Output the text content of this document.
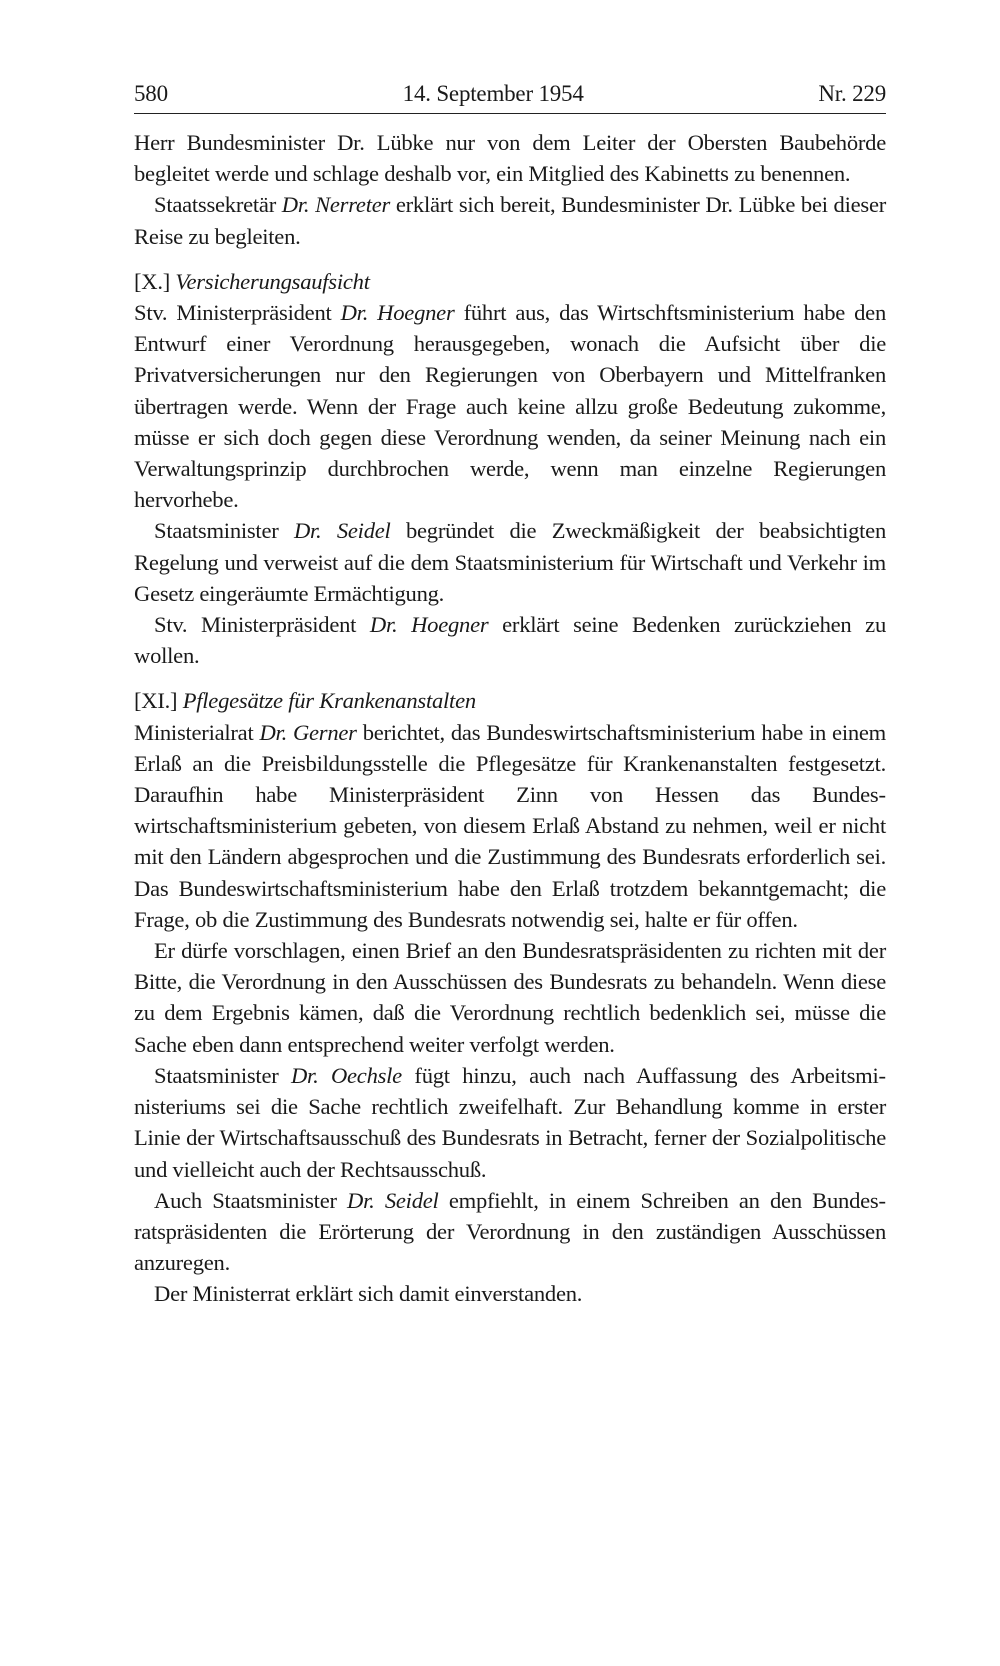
580	14. September 1954	Nr. 229

Herr Bundesminister Dr. Lübke nur von dem Leiter der Obersten Baubehörde begleitet werde und schlage deshalb vor, ein Mitglied des Kabinetts zu benennen.

Staatssekretär Dr. Nerreter erklärt sich bereit, Bundesminister Dr. Lübke bei dieser Reise zu begleiten.

[X.] Versicherungsaufsicht

Stv. Ministerpräsident Dr. Hoegner führt aus, das Wirtschftsministerium habe den Entwurf einer Verordnung herausgegeben, wonach die Aufsicht über die Privatversicherungen nur den Regierungen von Oberbayern und Mittelfranken übertragen werde. Wenn der Frage auch keine allzu große Bedeutung zukomme, müsse er sich doch gegen diese Verordnung wenden, da seiner Meinung nach ein Verwaltungsprinzip durchbrochen werde, wenn man einzelne Regierungen hervorhebe.

Staatsminister Dr. Seidel begründet die Zweckmäßigkeit der beabsichtigten Regelung und verweist auf die dem Staatsministerium für Wirtschaft und Verkehr im Gesetz eingeräumte Ermächtigung.

Stv. Ministerpräsident Dr. Hoegner erklärt seine Bedenken zurückziehen zu wollen.

[XI.] Pflegesätze für Krankenanstalten

Ministerialrat Dr. Gerner berichtet, das Bundeswirtschaftsministerium habe in einem Erlaß an die Preisbildungsstelle die Pflegesätze für Krankenanstalten festgesetzt. Daraufhin habe Ministerpräsident Zinn von Hessen das Bundeswirtschaftsministerium gebeten, von diesem Erlaß Abstand zu nehmen, weil er nicht mit den Ländern abgesprochen und die Zustimmung des Bundesrats erforderlich sei. Das Bundeswirtschaftsministerium habe den Erlaß trotzdem bekanntgemacht; die Frage, ob die Zustimmung des Bundesrats notwendig sei, halte er für offen.

Er dürfe vorschlagen, einen Brief an den Bundesratspräsidenten zu richten mit der Bitte, die Verordnung in den Ausschüssen des Bundesrats zu behandeln. Wenn diese zu dem Ergebnis kämen, daß die Verordnung rechtlich bedenklich sei, müsse die Sache eben dann entsprechend weiter verfolgt werden.

Staatsminister Dr. Oechsle fügt hinzu, auch nach Auffassung des Arbeitsministeriums sei die Sache rechtlich zweifelhaft. Zur Behandlung komme in erster Linie der Wirtschaftsausschuß des Bundesrats in Betracht, ferner der Sozialpolitische und vielleicht auch der Rechtsausschuß.

Auch Staatsminister Dr. Seidel empfiehlt, in einem Schreiben an den Bundesratspräsidenten die Erörterung der Verordnung in den zuständigen Ausschüssen anzuregen.

Der Ministerrat erklärt sich damit einverstanden.
